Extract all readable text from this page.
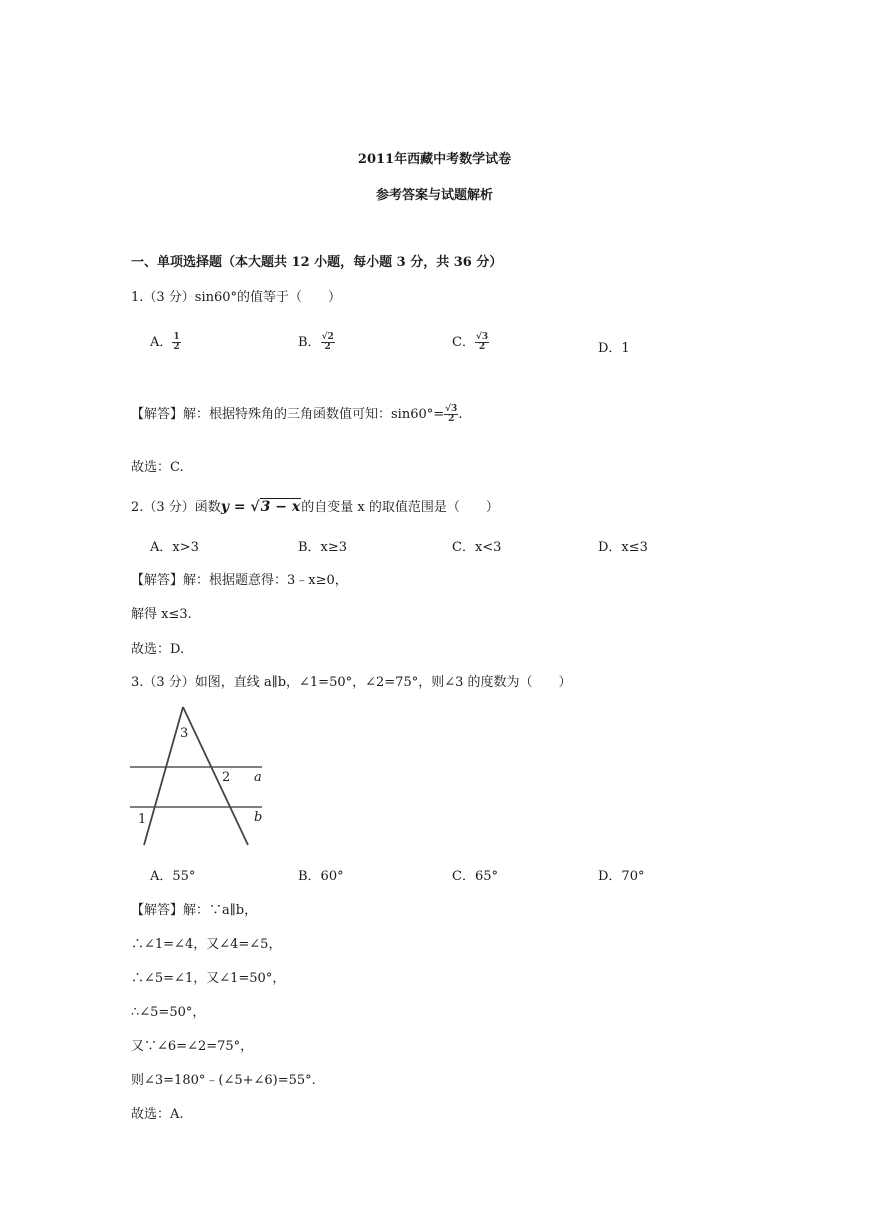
2011年西藏中考数学试卷
参考答案与试题解析
一、单项选择题（本大题共 12 小题，每小题 3 分，共 36 分）
1.（3 分）sin60°的值等于（　　）
A． $\frac{1}{2}$	B． $\frac{√2}{2}$	C． $\frac{√3}{2}$	D．1
【解答】解：根据特殊角的三角函数值可知：$\sin 60^\circ= \frac{√3}{2}$ .
故选：C.
2.（3 分）函数y = √3 − x的自变量 x 的取值范围是（　　）
A．x>3	B．x≥3	C．x<3	D．x≤3
【解答】解：根据题意得：3﹣x≥0，
解得 x≤3.
故选：D.
3.（3 分）如图，直线 a∥b，∠1=50°，∠2=75°，则∠3 的度数为（　　）
3
2
1
a
b
A．55°	B．60°	C．65°	D．70°
【解答】解：∵a∥b，
∴∠1=∠4，又∠4=∠5，
∴∠5=∠1，又∠1=50°，
∴∠5=50°，
又∵∠6=∠2=75°，
则∠3=180°﹣(∠5+∠6)=55°.
故选：A.
